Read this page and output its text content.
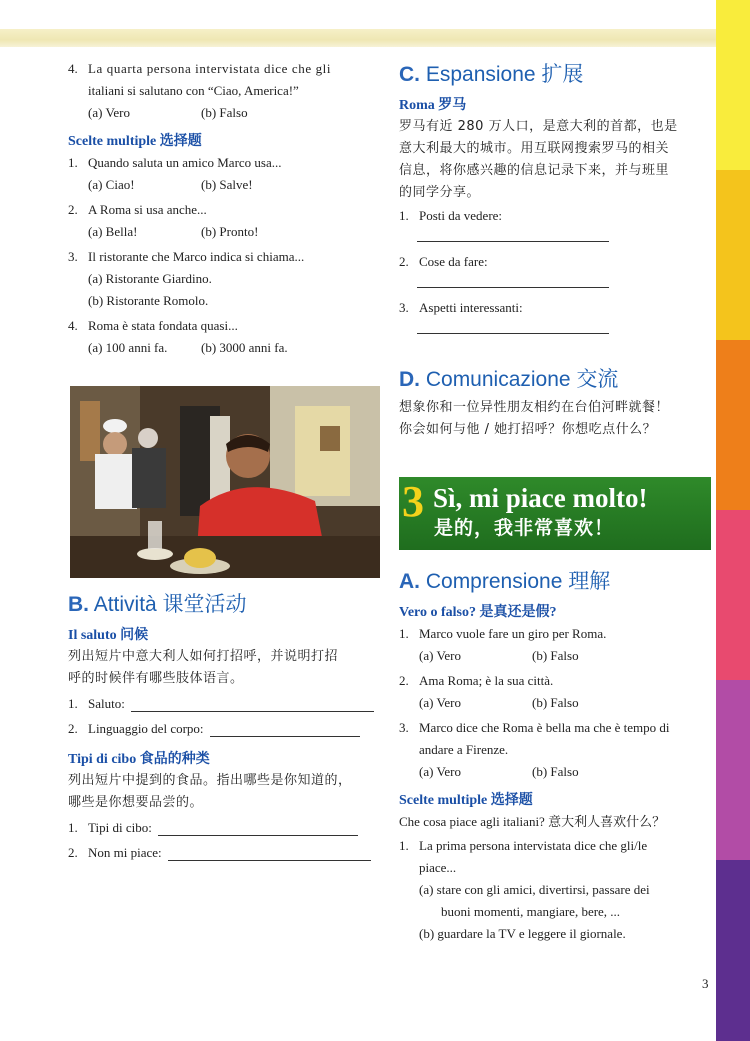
4. La quarta persona intervistata dice che gli
italiani si salutano con “Ciao, America!”
(a) Vero	(b) Falso
Scelte multiple 选择题
1. Quando saluta un amico Marco usa...
(a) Ciao!	(b) Salve!
2. A Roma si usa anche...
(a) Bella!	(b) Pronto!
3. Il ristorante che Marco indica si chiama...
(a) Ristorante Giardino.
(b) Ristorante Romolo.
4. Roma è stata fondata quasi...
(a) 100 anni fa.	(b) 3000 anni fa.
B. Attività 课堂活动
Il saluto 问候
列出短片中意大利人如何打招呼，并说明打招
呼的时候伴有哪些肢体语言。
1. Saluto:
2. Linguaggio del corpo:
Tipi di cibo 食品的种类
列出短片中提到的食品。指出哪些是你知道的，
哪些是你想要品尝的。
1. Tipi di cibo:
2. Non mi piace:
C. Espansione 扩展
Roma 罗马
罗马有近 280 万人口，是意大利的首都，也是
意大利最大的城市。用互联网搜索罗马的相关
信息，将你感兴趣的信息记录下来，并与班里
的同学分享。
1. Posti da vedere:
2. Cose da fare:
3. Aspetti interessanti:
D. Comunicazione 交流
想象你和一位异性朋友相约在台伯河畔就餐！
你会如何与他 / 她打招呼？你想吃点什么？
3 Sì, mi piace molto!
是的，我非常喜欢！
A. Comprensione 理解
Vero o falso? 是真还是假?
1. Marco vuole fare un giro per Roma.
(a) Vero	(b) Falso
2. Ama Roma; è la sua città.
(a) Vero	(b) Falso
3. Marco dice che Roma è bella ma che è tempo di
andare a Firenze.
(a) Vero	(b) Falso
Scelte multiple 选择题
Che cosa piace agli italiani? 意大利人喜欢什么？
1. La prima persona intervistata dice che gli/le
piace...
(a) stare con gli amici, divertirsi, passare dei
buoni momenti, mangiare, bere, ...
(b) guardare la TV e leggere il giornale.
3
